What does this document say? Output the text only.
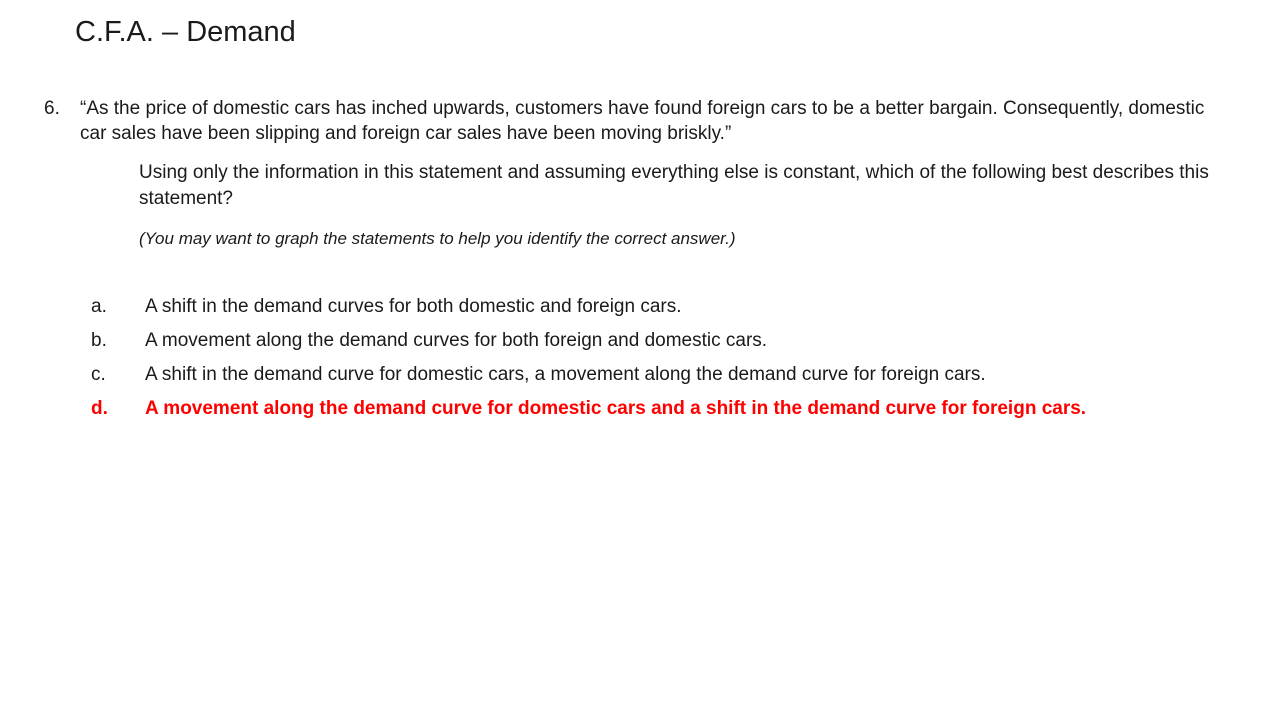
C.F.A. – Demand
6. “As the price of domestic cars has inched upwards, customers have found foreign cars to be a better bargain. Consequently, domestic car sales have been slipping and foreign car sales have been moving briskly.”
Using only the information in this statement and assuming everything else is constant, which of the following best describes this statement?
(You may want to graph the statements to help you identify the correct answer.)
a. A shift in the demand curves for both domestic and foreign cars.
b. A movement along the demand curves for both foreign and domestic cars.
c. A shift in the demand curve for domestic cars, a movement along the demand curve for foreign cars.
d. A movement along the demand curve for domestic cars and a shift in the demand curve for foreign cars.
